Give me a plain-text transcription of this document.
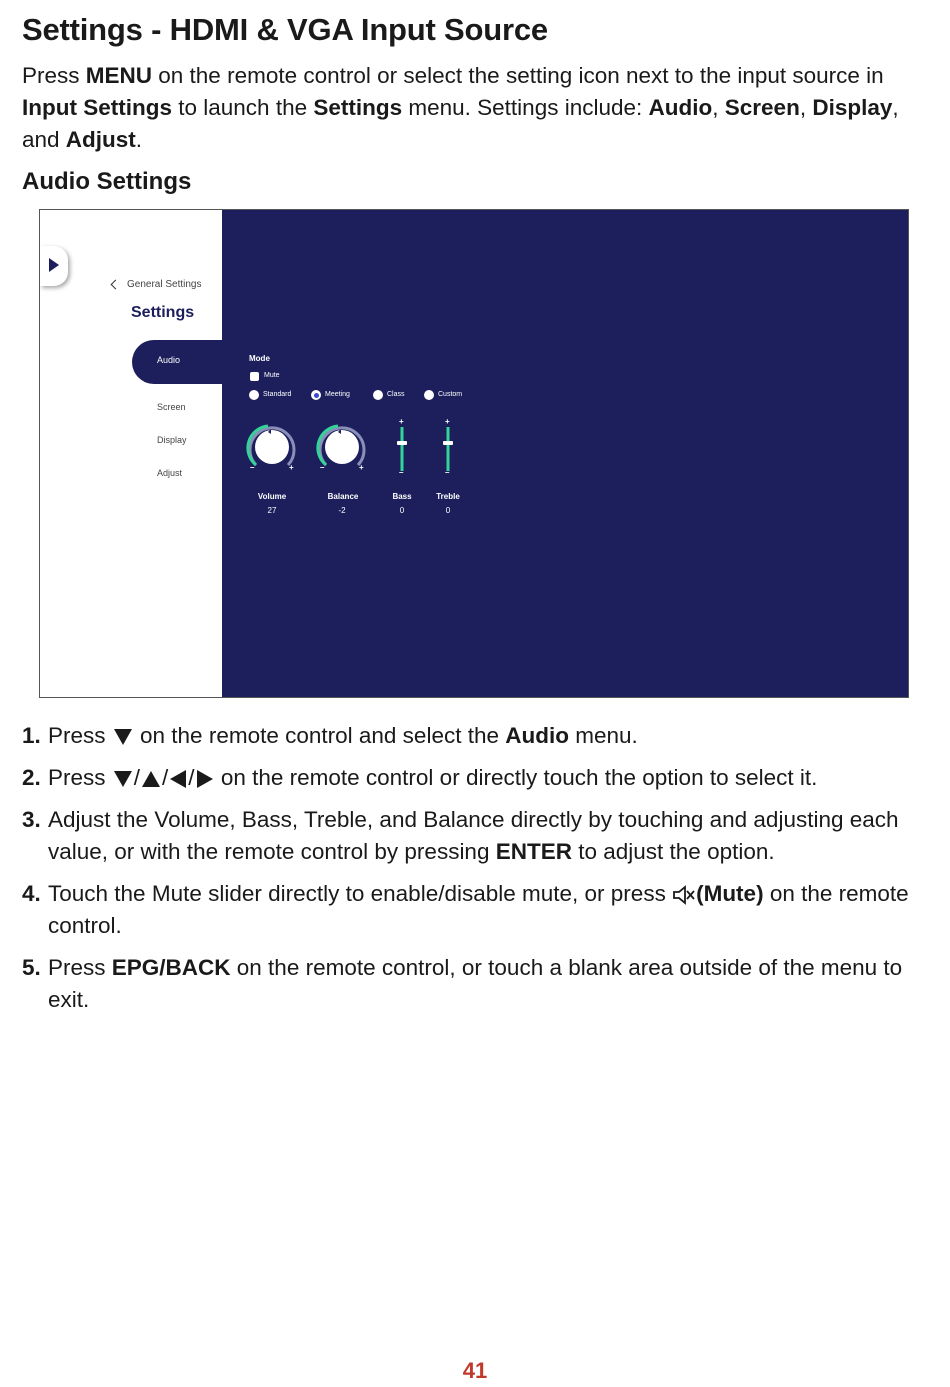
Settings - HDMI & VGA Input Source

Press MENU on the remote control or select the setting icon next to the input source in Input Settings to launch the Settings menu. Settings include: Audio, Screen, Display, and Adjust.

Audio Settings
General Settings
Settings
Audio
Screen
Display
Adjust
Mode
Mute
Standard	Meeting	Class	Custom
–	+	–	+
+
–
+
–
Volume
27
Balance
-2
Bass
0
Treble
0
1. Press  on the remote control and select the Audio menu.
2. Press / / / on the remote control or directly touch the option to select it.
3. Adjust the Volume, Bass, Treble, and Balance directly by touching and adjusting each value, or with the remote control by pressing ENTER to adjust the option.
4. Touch the Mute slider directly to enable/disable mute, or press (Mute) on the remote control.
5. Press EPG/BACK on the remote control, or touch a blank area outside of the menu to exit.
41
